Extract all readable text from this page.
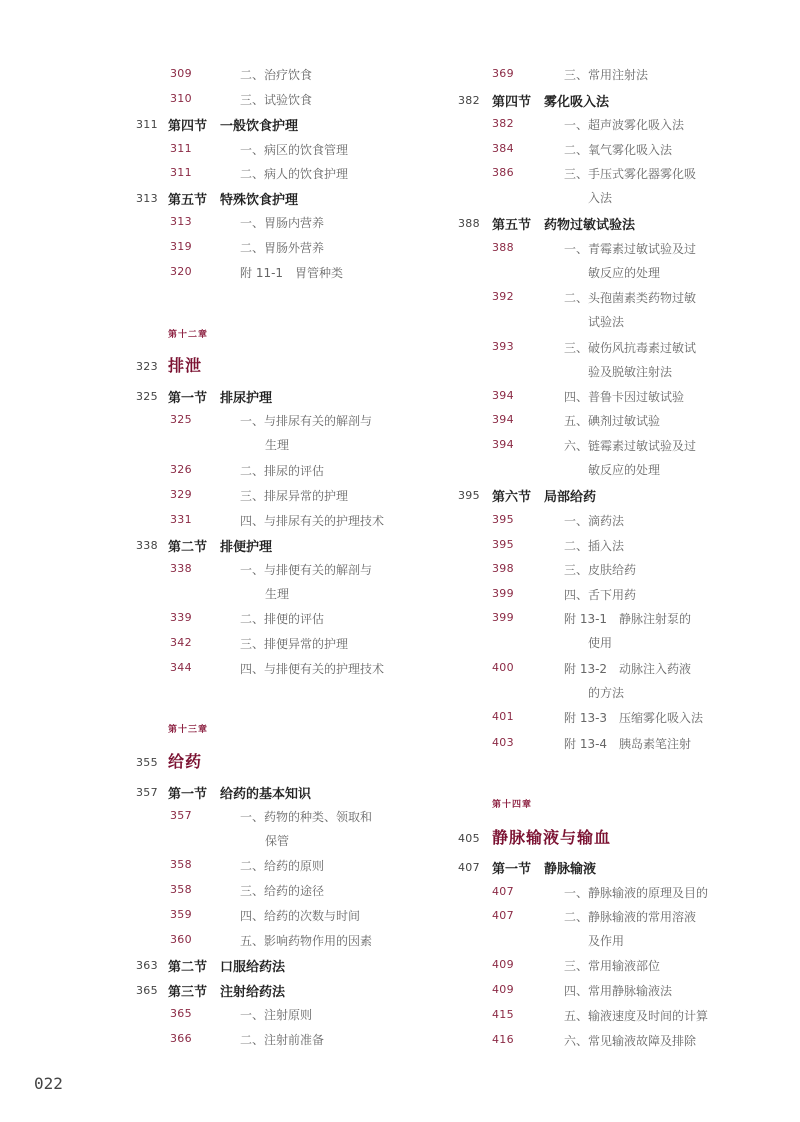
309	二、治疗饮食
310	三、试验饮食
311 第四节　一般饮食护理
311	一、病区的饮食管理
311	二、病人的饮食护理
313 第五节　特殊饮食护理
313	一、胃肠内营养
319	二、胃肠外营养
320	附 11-1　胃管种类
第十二章
323 排泄
325 第一节　排尿护理
325	一、与排尿有关的解剖与
生理
326	二、排尿的评估
329	三、排尿异常的护理
331	四、与排尿有关的护理技术
338 第二节　排便护理
338	一、与排便有关的解剖与
生理
339	二、排便的评估
342	三、排便异常的护理
344	四、与排便有关的护理技术
第十三章
355 给药
357 第一节　给药的基本知识
357	一、药物的种类、领取和
保管
358	二、给药的原则
358	三、给药的途径
359	四、给药的次数与时间
360	五、影响药物作用的因素
363 第二节　口服给药法
365 第三节　注射给药法
365	一、注射原则
366	二、注射前准备
369	三、常用注射法
382 第四节　雾化吸入法
382	一、超声波雾化吸入法
384	二、氧气雾化吸入法
386	三、手压式雾化器雾化吸
入法
388 第五节　药物过敏试验法
388	一、青霉素过敏试验及过
敏反应的处理
392	二、头孢菌素类药物过敏
试验法
393	三、破伤风抗毒素过敏试
验及脱敏注射法
394	四、普鲁卡因过敏试验
394	五、碘剂过敏试验
394	六、链霉素过敏试验及过
敏反应的处理
395 第六节　局部给药
395	一、滴药法
395	二、插入法
398	三、皮肤给药
399	四、舌下用药
399	附 13-1　静脉注射泵的
使用
400	附 13-2　动脉注入药液
的方法
401	附 13-3　压缩雾化吸入法
403	附 13-4　胰岛素笔注射
第十四章
405 静脉输液与输血
407 第一节　静脉输液
407	一、静脉输液的原理及目的
407	二、静脉输液的常用溶液
及作用
409	三、常用输液部位
409	四、常用静脉输液法
415	五、输液速度及时间的计算
416	六、常见输液故障及排除
022
